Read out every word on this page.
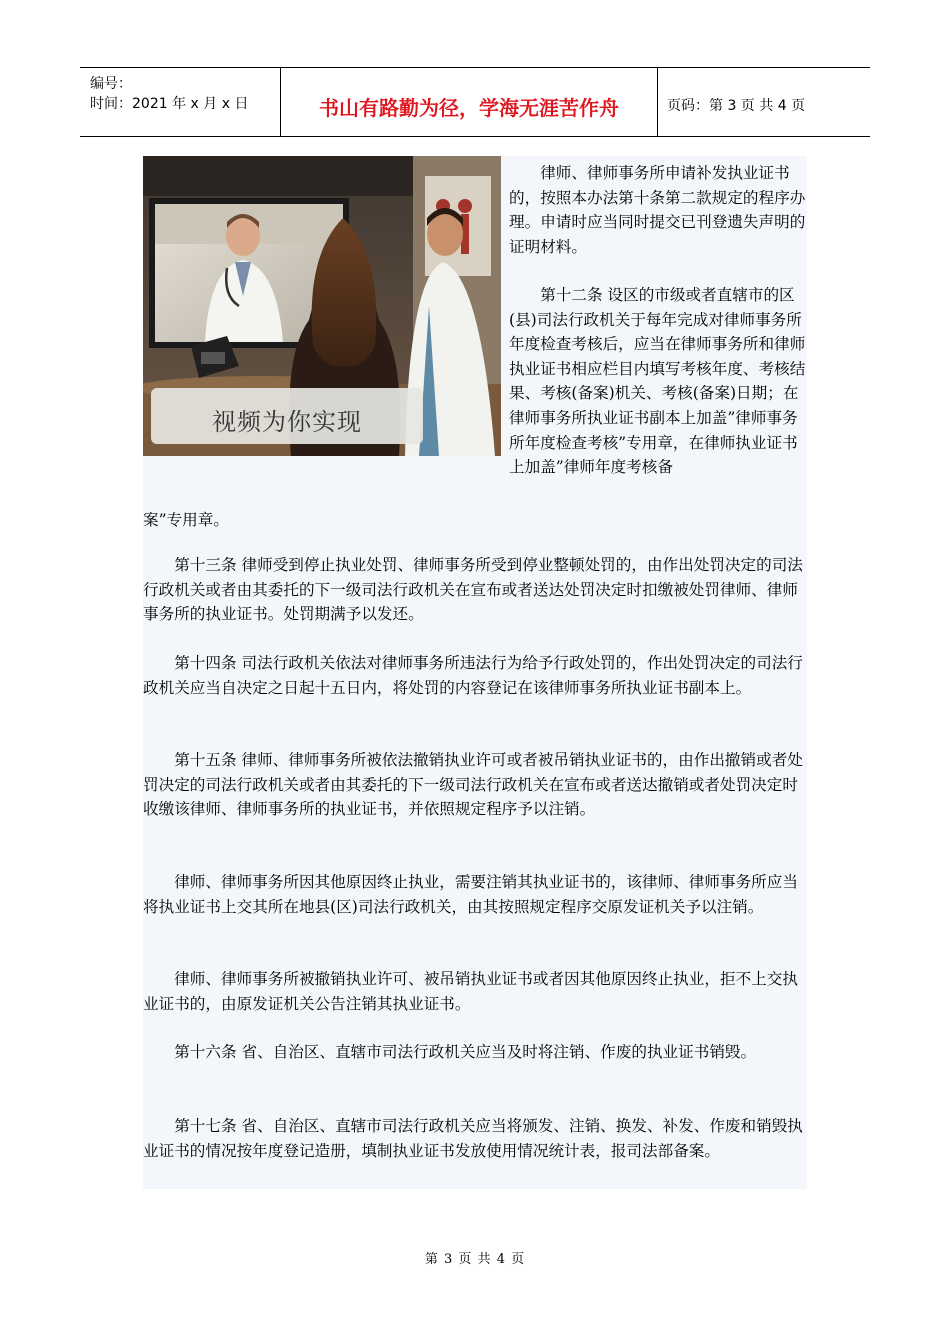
编号：
时间：2021 年 x 月 x 日	书山有路勤为径，学海无涯苦作舟	页码：第 3 页 共 4 页
视频为你实现

律师、律师事务所申请补发执业证书的，按照本办法第十条第二款规定的程序办理。申请时应当同时提交已刊登遗失声明的证明材料。

第十二条 设区的市级或者直辖市的区(县)司法行政机关于每年完成对律师事务所年度检查考核后，应当在律师事务所和律师执业证书相应栏目内填写考核年度、考核结果、考核(备案)机关、考核(备案)日期；在律师事务所执业证书副本上加盖”律师事务所年度检查考核”专用章，在律师执业证书上加盖”律师年度考核备

案”专用章。

第十三条 律师受到停止执业处罚、律师事务所受到停业整顿处罚的，由作出处罚决定的司法行政机关或者由其委托的下一级司法行政机关在宣布或者送达处罚决定时扣缴被处罚律师、律师事务所的执业证书。处罚期满予以发还。

第十四条 司法行政机关依法对律师事务所违法行为给予行政处罚的，作出处罚决定的司法行政机关应当自决定之日起十五日内，将处罚的内容登记在该律师事务所执业证书副本上。

第十五条 律师、律师事务所被依法撤销执业许可或者被吊销执业证书的，由作出撤销或者处罚决定的司法行政机关或者由其委托的下一级司法行政机关在宣布或者送达撤销或者处罚决定时收缴该律师、律师事务所的执业证书，并依照规定程序予以注销。

律师、律师事务所因其他原因终止执业，需要注销其执业证书的，该律师、律师事务所应当将执业证书上交其所在地县(区)司法行政机关，由其按照规定程序交原发证机关予以注销。

律师、律师事务所被撤销执业许可、被吊销执业证书或者因其他原因终止执业，拒不上交执业证书的，由原发证机关公告注销其执业证书。

第十六条 省、自治区、直辖市司法行政机关应当及时将注销、作废的执业证书销毁。

第十七条 省、自治区、直辖市司法行政机关应当将颁发、注销、换发、补发、作废和销毁执业证书的情况按年度登记造册，填制执业证书发放使用情况统计表，报司法部备案。

第 3 页 共 4 页
